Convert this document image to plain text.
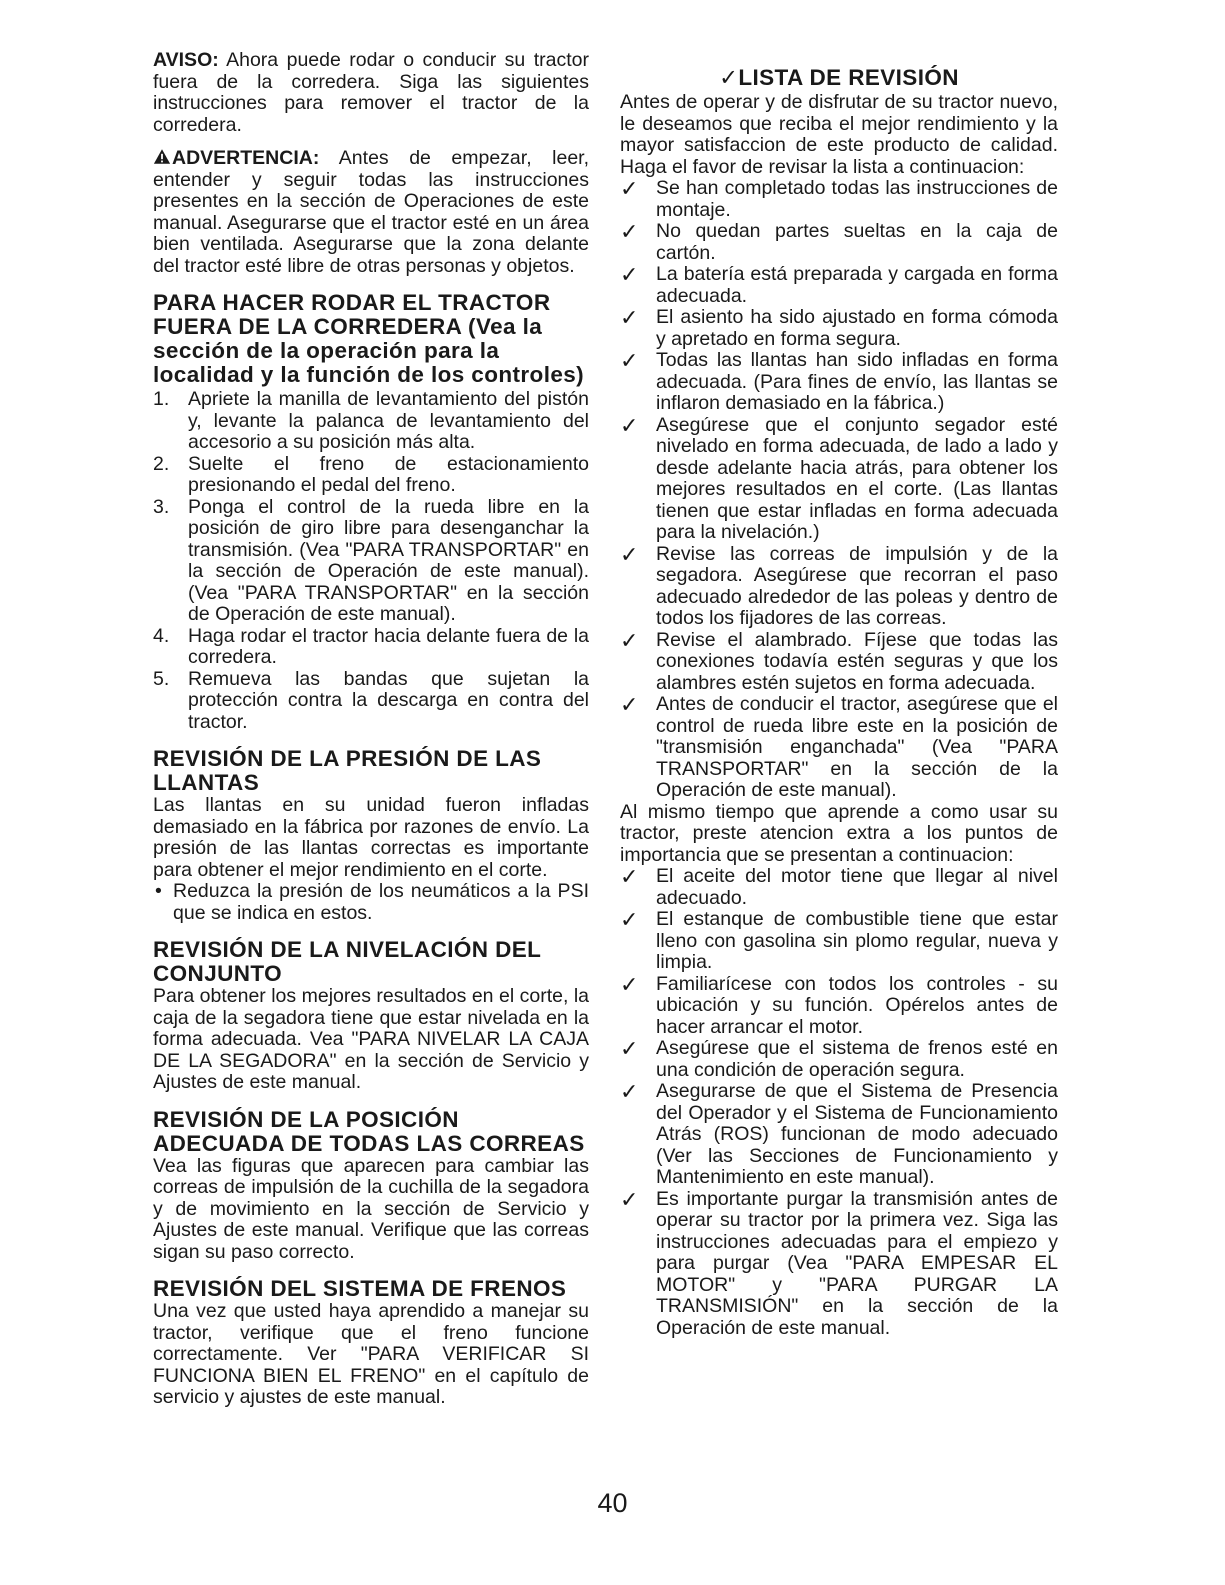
AVISO: Ahora puede rodar o conducir su tractor fuera de la corredera. Siga las siguientes instrucciones para remover el tractor de la corredera.

ADVERTENCIA: Antes de empezar, leer, entender y seguir todas las instrucciones presentes en la sección de Operaciones de este manual. Asegurarse que el tractor esté en un área bien ventilada. Asegurarse que la zona delante del tractor esté libre de otras personas y objetos.

PARA HACER RODAR EL TRACTOR FUERA DE LA CORREDERA (Vea la sección de la operación para la localidad y la función de los controles)
1. Apriete la manilla de levantamiento del pistón y, levante la palanca de levantamiento del accesorio a su posición más alta.
2. Suelte el freno de estacionamiento presionando el pedal del freno.
3. Ponga el control de la rueda libre en la posición de giro libre para desenganchar la transmisión. (Vea "PARA TRANSPORTAR" en la sección de Operación de este manual). (Vea "PARA TRANSPORTAR" en la sección de Operación de este manual).
4. Haga rodar el tractor hacia delante fuera de la corredera.
5. Remueva las bandas que sujetan la protección contra la descarga en contra del tractor.
REVISIÓN DE LA PRESIÓN DE LAS LLANTAS

Las llantas en su unidad fueron infladas demasiado en la fábrica por razones de envío. La presión de las llantas correctas es importante para obtener el mejor rendimiento en el corte.

• Reduzca la presión de los neumáticos a la PSI que se indica en estos.
REVISIÓN DE LA NIVELACIÓN DEL CONJUNTO

Para obtener los mejores resultados en el corte, la caja de la segadora tiene que estar nivelada en la forma adecuada. Vea "PARA NIVELAR LA CAJA DE LA SEGADORA" en la sección de Servicio y Ajustes de este manual.

REVISIÓN DE LA POSICIÓN ADECUADA DE TODAS LAS CORREAS

Vea las figuras que aparecen para cambiar las correas de impulsión de la cuchilla de la segadora y de movimiento en la sección de Servicio y Ajustes de este manual. Verifique que las correas sigan su paso correcto.

REVISIÓN DEL SISTEMA DE FRENOS

Una vez que usted haya aprendido a manejar su tractor, verifique que el freno funcione correctamente. Ver "PARA VERIFICAR SI FUNCIONA BIEN EL FRENO" en el capítulo de servicio y ajustes de este manual.

✓LISTA DE REVISIÓN

Antes de operar y de disfrutar de su tractor nuevo, le deseamos que reciba el mejor rendimiento y la mayor satisfaccion de este producto de calidad. Haga el favor de revisar la lista a continuacion:

✓ Se han completado todas las instrucciones de montaje.
✓ No quedan partes sueltas en la caja de cartón.
✓ La batería está preparada y cargada en forma adecuada.
✓ El asiento ha sido ajustado en forma cómoda y apretado en forma segura.
✓ Todas las llantas han sido infladas en forma adecuada. (Para fines de envío, las llantas se inflaron demasiado en la fábrica.)
✓ Asegúrese que el conjunto segador esté nivelado en forma adecuada, de lado a lado y desde adelante hacia atrás, para obtener los mejores resultados en el corte. (Las llantas tienen que estar infladas en forma adecuada para la nivelación.)
✓ Revise las correas de impulsión y de la segadora. Asegúrese que recorran el paso adecuado alrededor de las poleas y dentro de todos los fijadores de las correas.
✓ Revise el alambrado. Fíjese que todas las conexiones todavía estén seguras y que los alambres estén sujetos en forma adecuada.
✓ Antes de conducir el tractor, asegúrese que el control de rueda libre este en la posición de "transmisión enganchada" (Vea "PARA TRANSPORTAR" en la sección de la Operación de este manual).

Al mismo tiempo que aprende a como usar su tractor, preste atencion extra a los puntos de importancia que se presentan a continuacion:

✓ El aceite del motor tiene que llegar al nivel adecuado.
✓ El estanque de combustible tiene que estar lleno con gasolina sin plomo regular, nueva y limpia.
✓ Familiarícese con todos los controles - su ubicación y su función. Opérelos antes de hacer arrancar el motor.
✓ Asegúrese que el sistema de frenos esté en una condición de operación segura.
✓ Asegurarse de que el Sistema de Presencia del Operador y el Sistema de Funcionamiento Atrás (ROS) funcionan de modo adecuado (Ver las Secciones de Funcionamiento y Mantenimiento en este manual).
✓ Es importante purgar la transmisión antes de operar su tractor por la primera vez. Siga las instrucciones adecuadas para el empiezo y para purgar (Vea "PARA EMPESAR EL MOTOR" y "PARA PURGAR LA TRANSMISIÓN" en la sección de la Operación de este manual.
40
